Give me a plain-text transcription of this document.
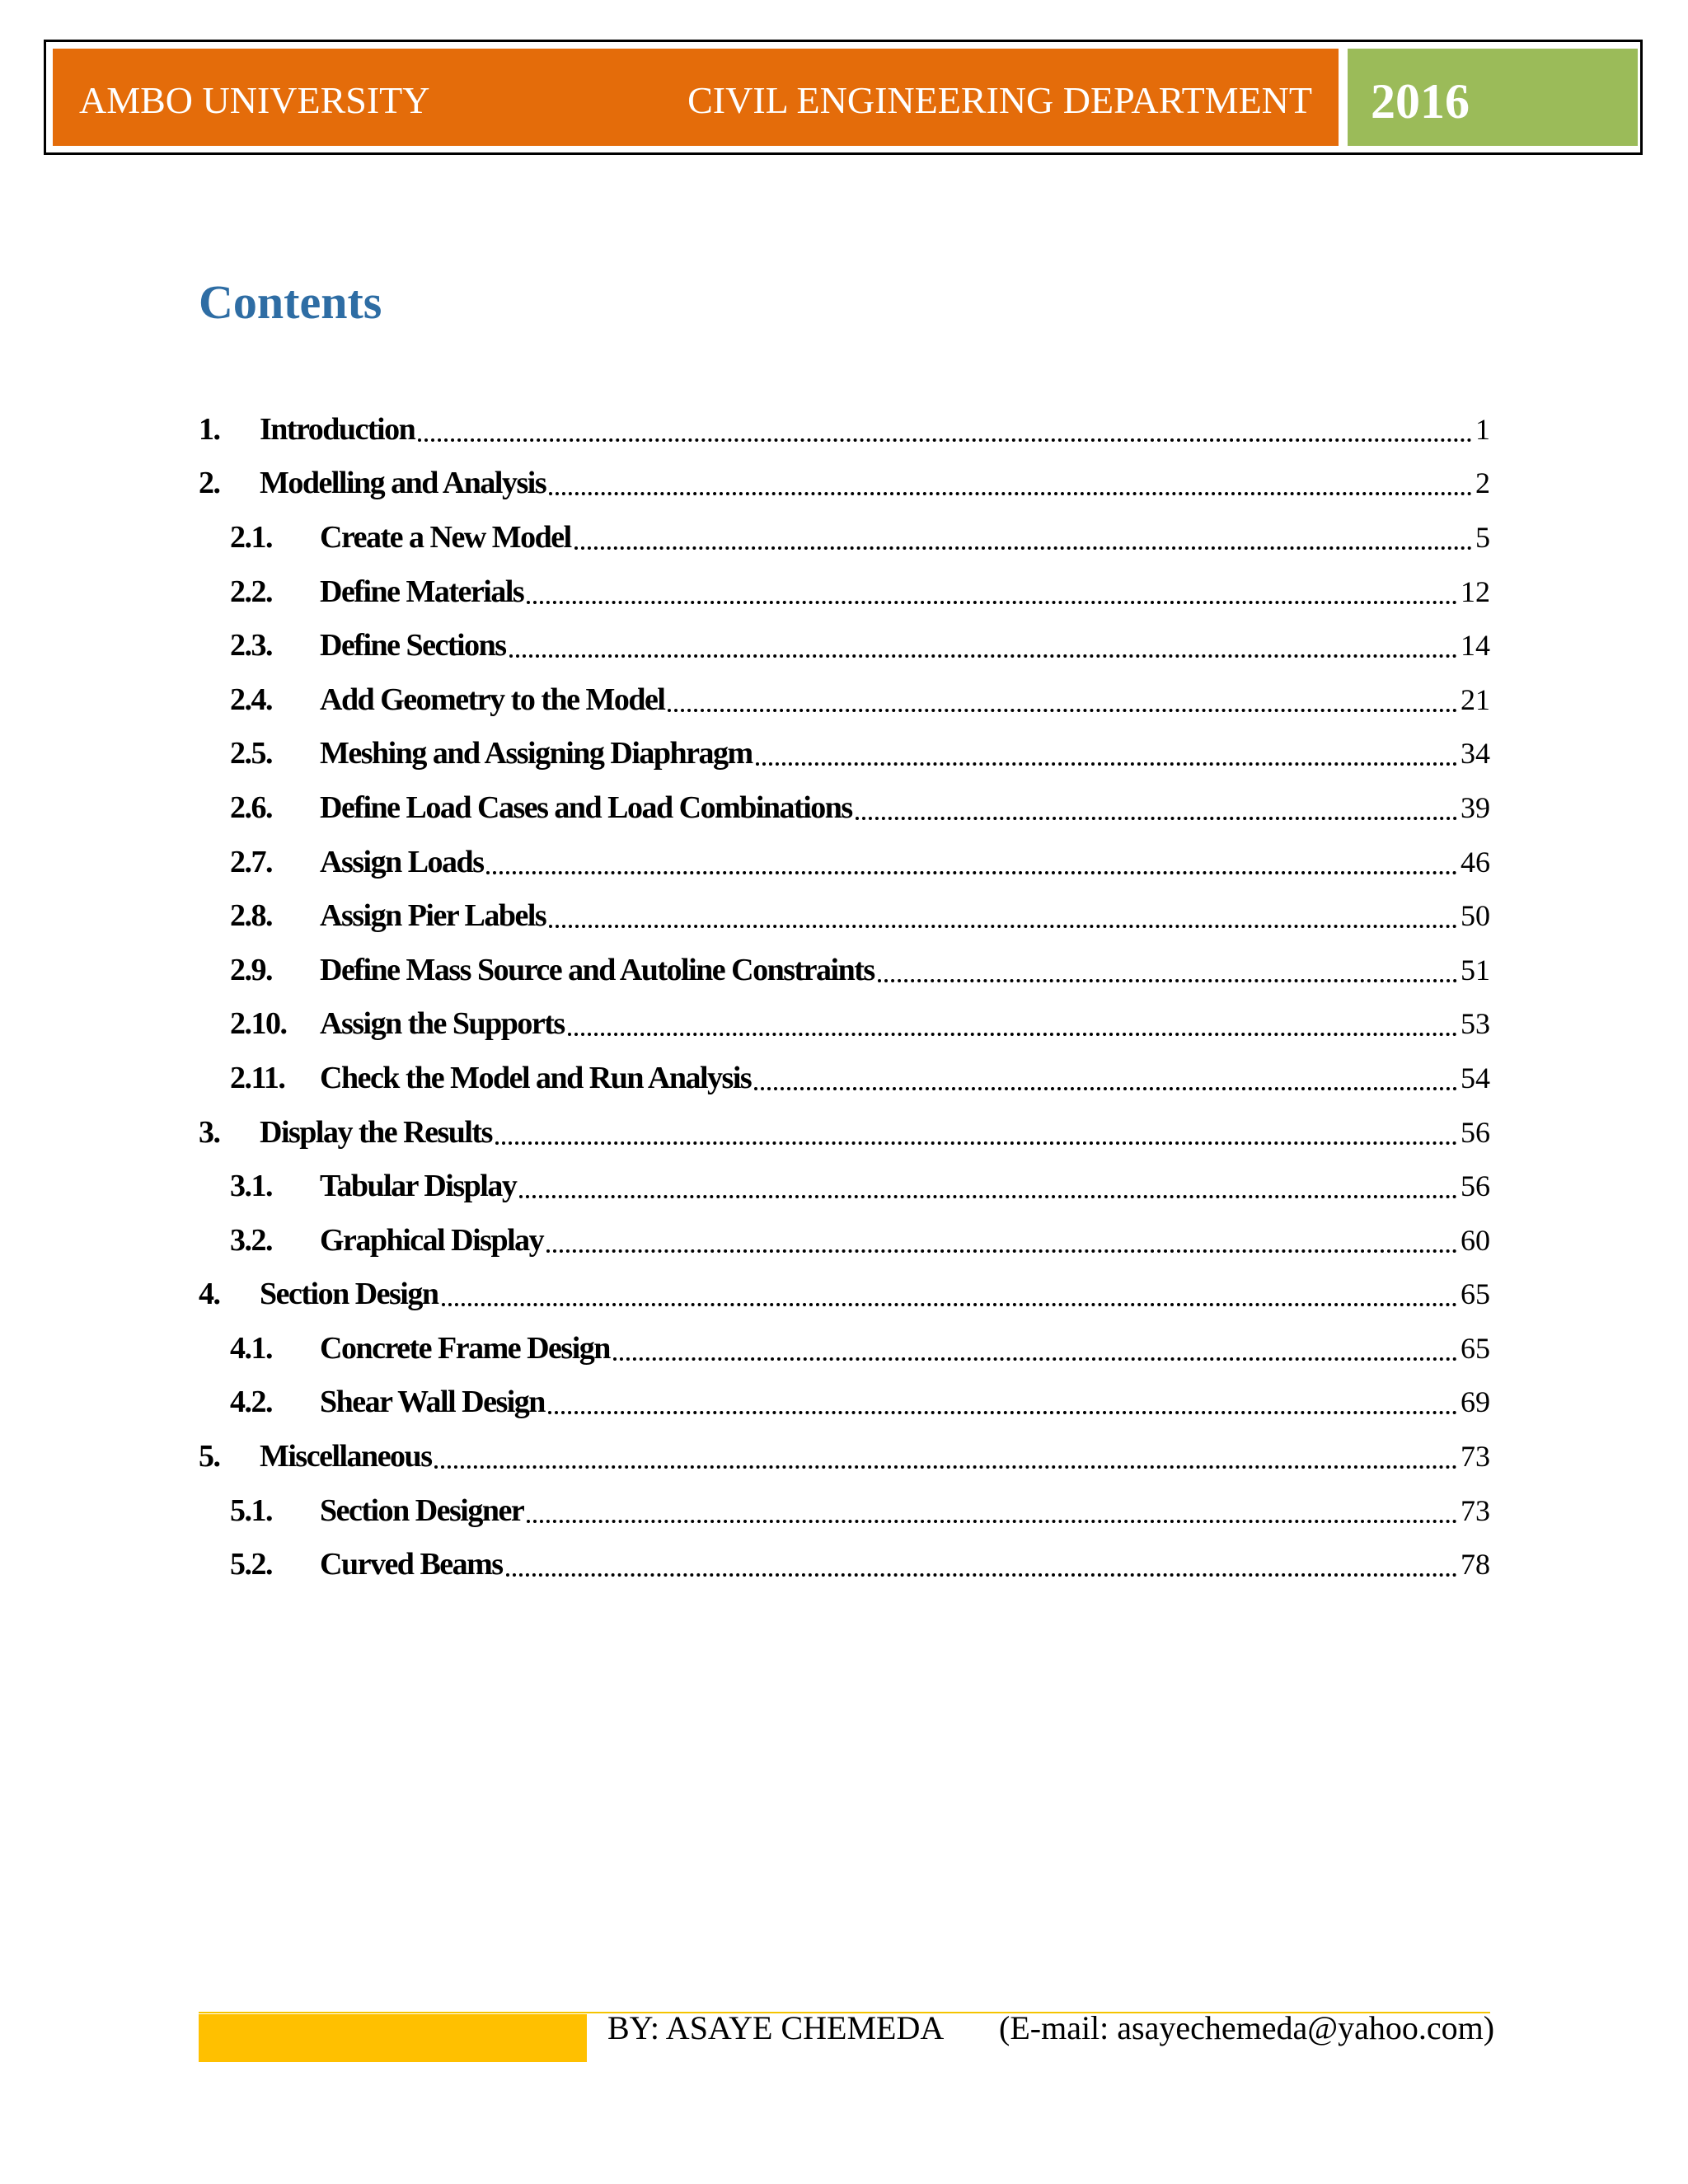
AMBO UNIVERSITY	CIVIL ENGINEERING DEPARTMENT 2016
Contents
1.	Introduction	1
2.	Modelling and Analysis	2
2.1.	Create a New Model	5
2.2.	Define Materials	12
2.3.	Define Sections	14
2.4.	Add Geometry to the Model	21
2.5.	Meshing and Assigning Diaphragm	34
2.6.	Define Load Cases and Load Combinations	39
2.7.	Assign Loads	46
2.8.	Assign Pier Labels	50
2.9.	Define Mass Source and Autoline Constraints	51
2.10.	Assign the Supports	53
2.11.	Check the Model and Run Analysis	54
3.	Display the Results	56
3.1.	Tabular Display	56
3.2.	Graphical Display	60
4.	Section Design	65
4.1.	Concrete Frame Design	65
4.2.	Shear Wall Design	69
5.	Miscellaneous	73
5.1.	Section Designer	73
5.2.	Curved Beams	78
BY: ASAYE CHEMEDA (E-mail: asayechemeda@yahoo.com)
